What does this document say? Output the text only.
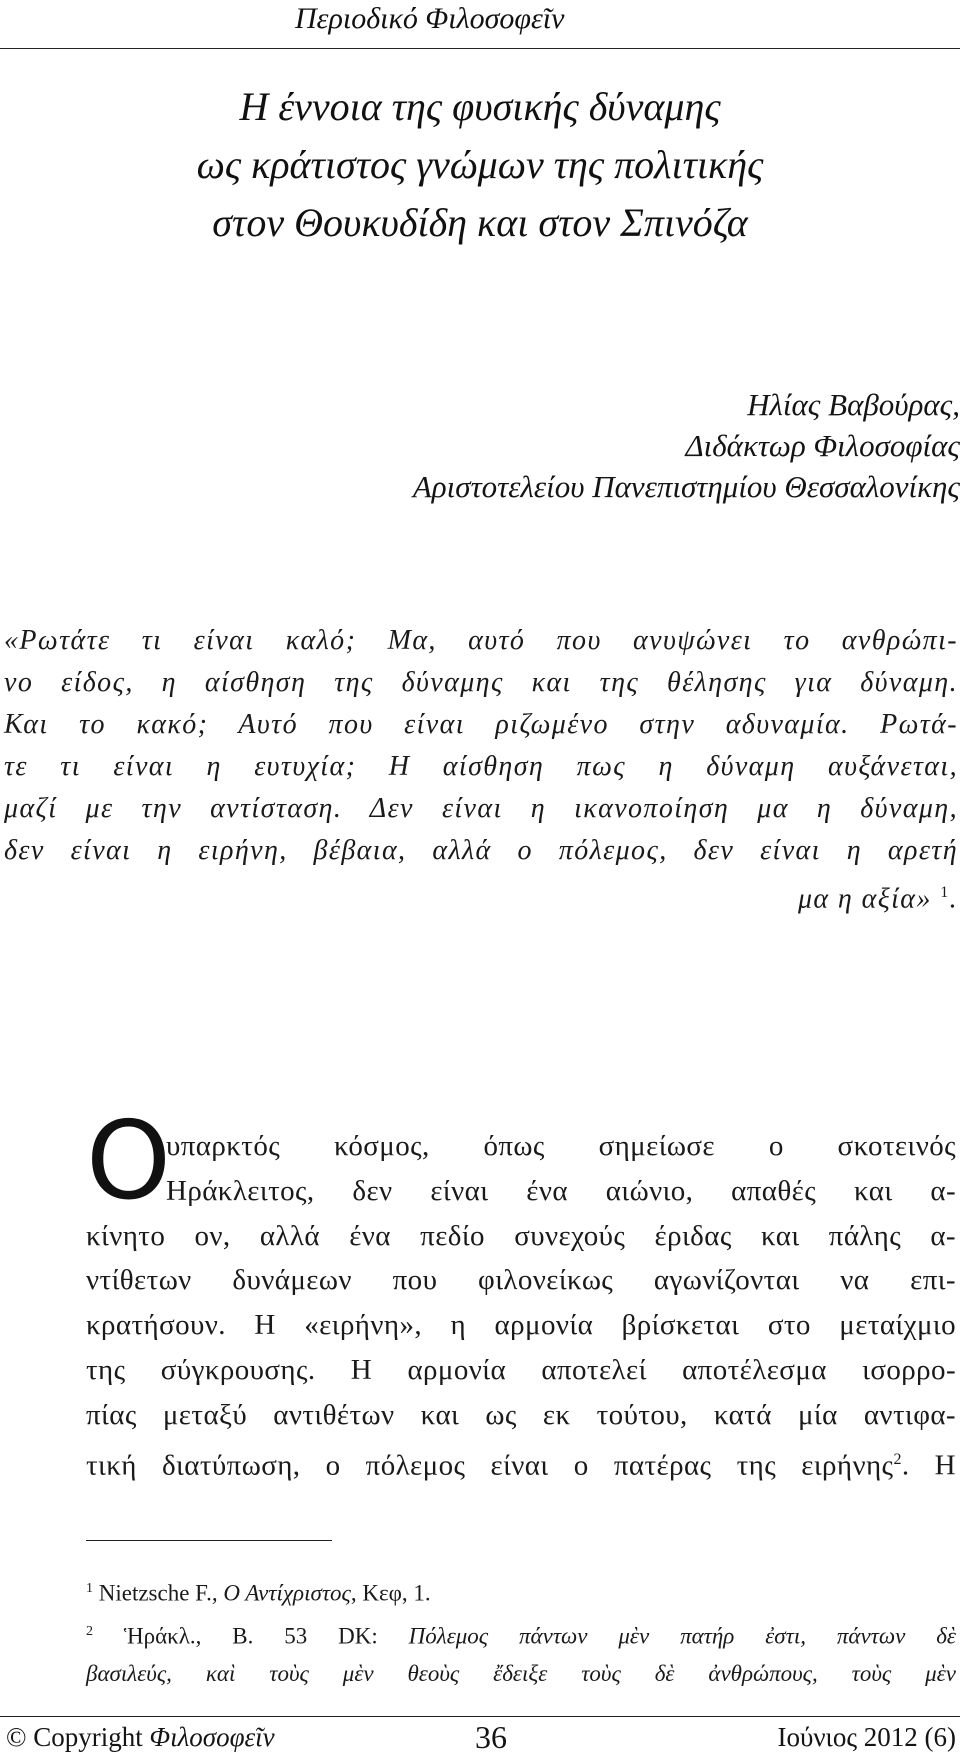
Περιοδικό Φιλοσοφεῖν
Η έννοια της φυσικής δύναμης
ως κράτιστος γνώμων της πολιτικής
στον Θουκυδίδη και στον Σπινόζα
Ηλίας Βαβούρας,
Διδάκτωρ Φιλοσοφίας
Αριστοτελείου Πανεπιστημίου Θεσσαλονίκης
«Ρωτάτε τι είναι καλό; Μα, αυτό που ανυψώνει το ανθρώπι-
νο είδος, η αίσθηση της δύναμης και της θέλησης για δύναμη.
Και το κακό; Αυτό που είναι ριζωμένο στην αδυναμία. Ρωτά-
τε τι είναι η ευτυχία; Η αίσθηση πως η δύναμη αυξάνεται,
μαζί με την αντίσταση. Δεν είναι η ικανοποίηση μα η δύναμη,
δεν είναι η ειρήνη, βέβαια, αλλά ο πόλεμος, δεν είναι η αρετή
μα η αξία» $^1$.
Ο
υπαρκτός κόσμος, όπως σημείωσε ο σκοτεινός
Ηράκλειτος, δεν είναι ένα αιώνιο, απαθές και α-
κίνητο ον, αλλά ένα πεδίο συνεχούς έριδας και πάλης α-
ντίθετων δυνάμεων που φιλονείκως αγωνίζονται να επι-
κρατήσουν. Η «ειρήνη», η αρμονία βρίσκεται στο μεταίχμιο
της σύγκρουσης. Η αρμονία αποτελεί αποτέλεσμα ισορρο-
πίας μεταξύ αντιθέτων και ως εκ τούτου, κατά μία αντιφα-
τική διατύπωση, ο πόλεμος είναι ο πατέρας της ειρήνης$^2$. Η
$^1$ Nietzsche F., Ο Αντίχριστος, Κεφ, 1.
$^2$ Ἡράκλ., Β. 53 DK: Πόλεμος πάντων μὲν πατήρ ἐστι, πάντων δὲ
βασιλεύς, καὶ τοὺς μὲν θεοὺς ἔδειξε τοὺς δὲ ἀνθρώπους, τοὺς μὲν
© Copyright Φιλοσοφεῖν	36	Ιούνιος 2012 (6)
